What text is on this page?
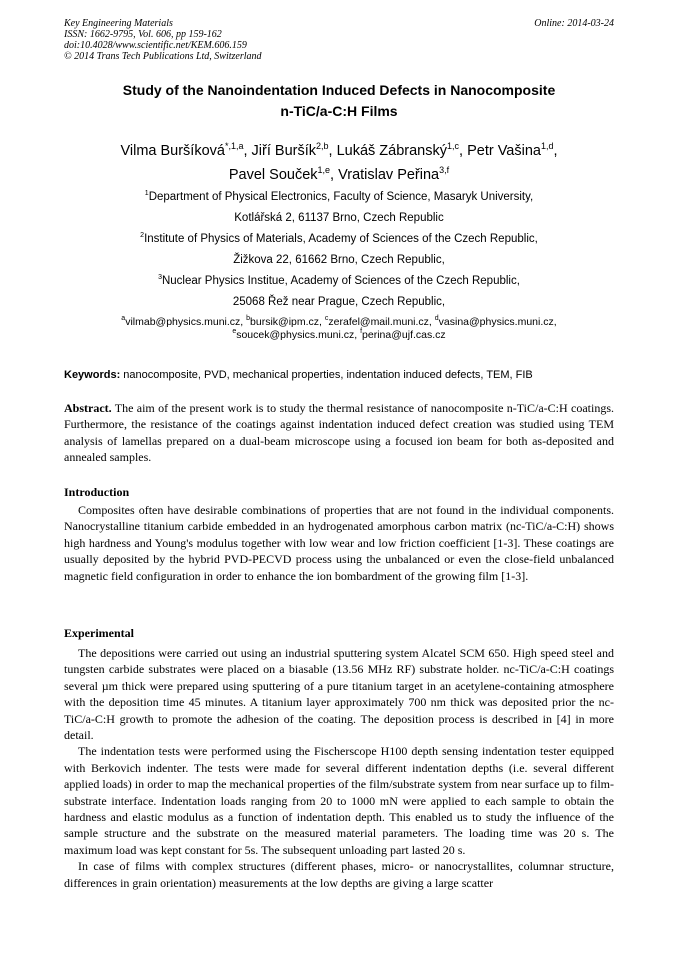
Key Engineering Materials
ISSN: 1662-9795, Vol. 606, pp 159-162
doi:10.4028/www.scientific.net/KEM.606.159
© 2014 Trans Tech Publications Ltd, Switzerland
Online: 2014-03-24
Study of the Nanoindentation Induced Defects in Nanocomposite
n-TiC/a-C:H Films
Vilma Buršíková$^{*,1,a}$, Jiří Buršík$^{2,b}$, Lukáš Zábranský$^{1,c}$, Petr Vašina$^{1,d}$,
Pavel Souček$^{1,e}$, Vratislav Peřina$^{3,f}$
$^1$Department of Physical Electronics, Faculty of Science, Masaryk University,
Kotlářská 2, 61137 Brno, Czech Republic
$^2$Institute of Physics of Materials, Academy of Sciences of the Czech Republic,
Žižkova 22, 61662 Brno, Czech Republic,
$^3$Nuclear Physics Institue, Academy of Sciences of the Czech Republic,
25068 Řež near Prague, Czech Republic,
$^a$vilmab@physics.muni.cz, $^b$bursik@ipm.cz, $^c$zerafel@mail.muni.cz, $^d$vasina@physics.muni.cz,
$^e$soucek@physics.muni.cz, $^f$perina@ujf.cas.cz
Keywords: nanocomposite, PVD, mechanical properties, indentation induced defects, TEM, FIB

Abstract. The aim of the present work is to study the thermal resistance of nanocomposite n-TiC/a-C:H coatings. Furthermore, the resistance of the coatings against indentation induced defect creation was studied using TEM analysis of lamellas prepared on a dual-beam microscope using a focused ion beam for both as-deposited and annealed samples.

Introduction

Composites often have desirable combinations of properties that are not found in the individual components. Nanocrystalline titanium carbide embedded in an hydrogenated amorphous carbon matrix (nc-TiC/a-C:H) shows high hardness and Young's modulus together with low wear and low friction coefficient [1-3]. These coatings are usually deposited by the hybrid PVD-PECVD process using the unbalanced or even the close-field unbalanced magnetic field configuration in order to enhance the ion bombardment of the growing film [1-3].

Experimental

The depositions were carried out using an industrial sputtering system Alcatel SCM 650. High speed steel and tungsten carbide substrates were placed on a biasable (13.56 MHz RF) substrate holder. nc-TiC/a-C:H coatings several µm thick were prepared using sputtering of a pure titanium target in an acetylene-containing atmosphere with the deposition time 45 minutes. A titanium layer approximately 700 nm thick was deposited prior the nc-TiC/a-C:H growth to promote the adhesion of the coating. The deposition process is described in [4] in more detail.

The indentation tests were performed using the Fischerscope H100 depth sensing indentation tester equipped with Berkovich indenter. The tests were made for several different indentation depths (i.e. several different applied loads) in order to map the mechanical properties of the film/substrate system from near surface up to film-substrate interface. Indentation loads ranging from 20 to 1000 mN were applied to each sample to obtain the hardness and elastic modulus as a function of indentation depth. This enabled us to study the influence of the sample structure and the substrate on the measured material parameters. The loading time was 20 s. The maximum load was kept constant for 5s. The subsequent unloading part lasted 20 s.

In case of films with complex structures (different phases, micro- or nanocrystallites, columnar structure, differences in grain orientation) measurements at the low depths are giving a large scatter
